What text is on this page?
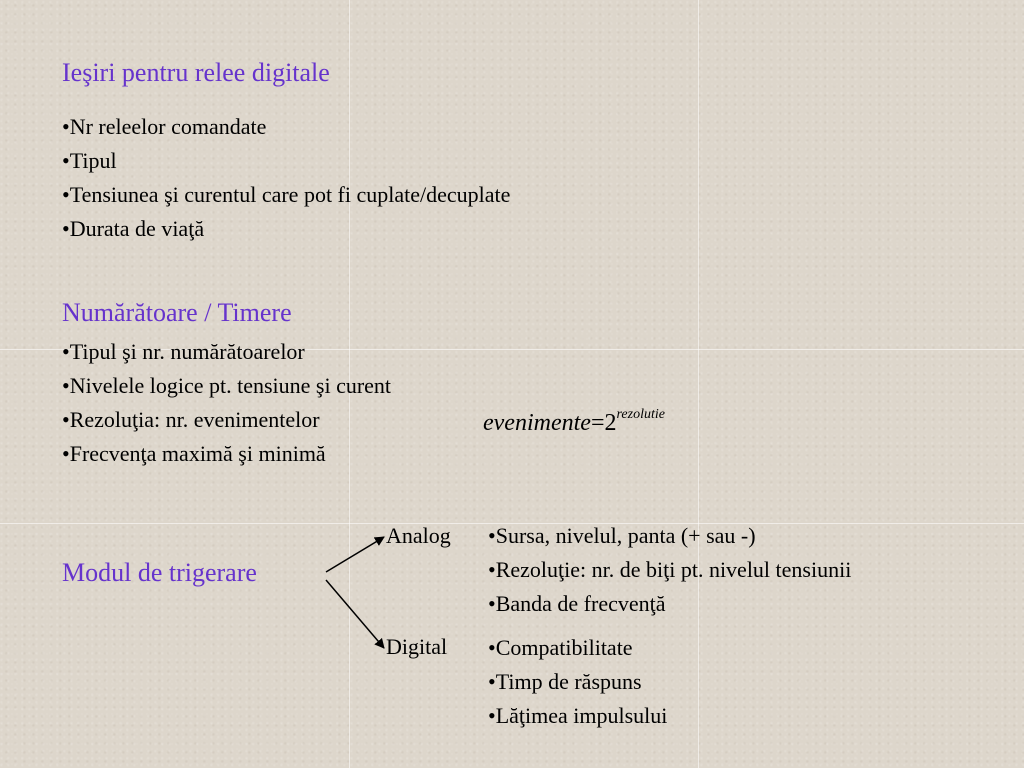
Ieşiri pentru relee digitale
• Nr releelor comandate
• Tipul
• Tensiunea şi curentul care pot fi cuplate/decuplate
• Durata de viaţă
Numărătoare / Timere
• Tipul şi nr. numărătoarelor
• Nivelele logice pt. tensiune şi curent
• Rezoluţia: nr. evenimentelor
• Frecvenţa maximă şi minimă
$evenimente=2^{rezolutie}$
Modul de trigerare
Analog	• Sursa, nivelul, panta (+ sau -)
• Rezoluţie: nr. de biţi pt. nivelul tensiunii
• Banda de frecvenţă
Digital	• Compatibilitate
• Timp de răspuns
• Lăţimea impulsului
